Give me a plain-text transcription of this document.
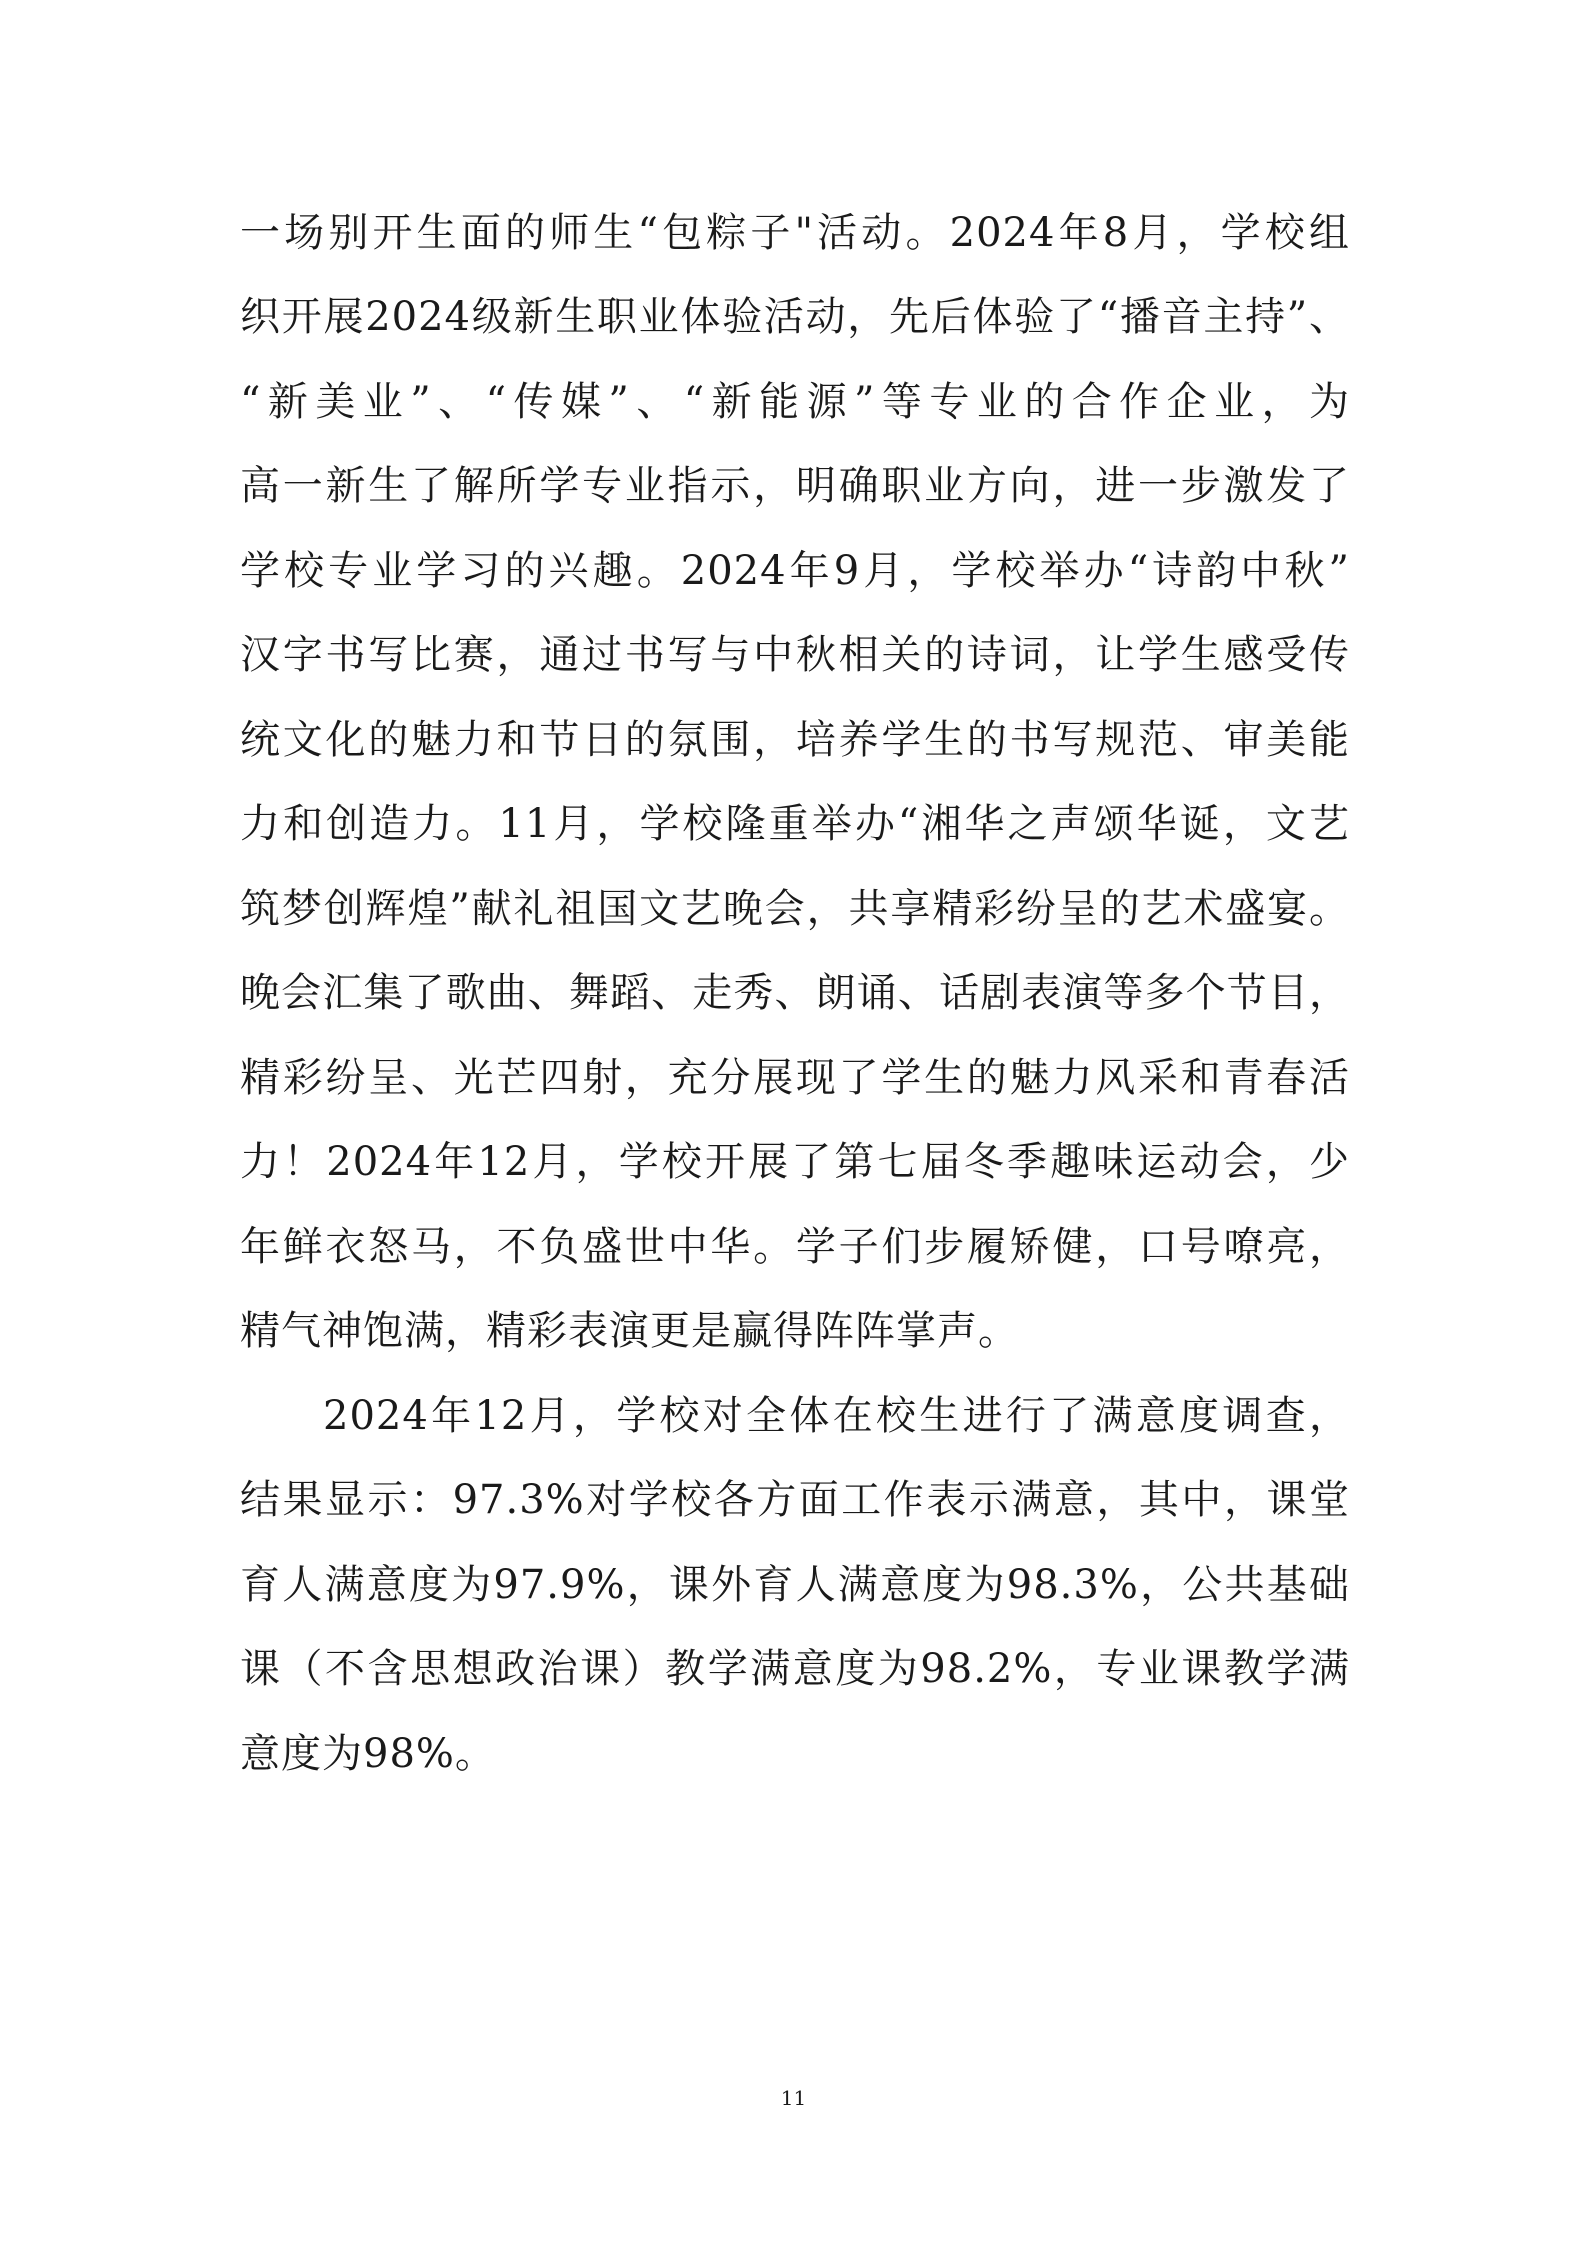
一场别开生面的师生“包粽子"活动。2024年8月，学校组
织开展2024级新生职业体验活动，先后体验了“播音主持”、
“新美业”、“传媒”、“新能源”等专业的合作企业，为
高一新生了解所学专业指示，明确职业方向，进一步激发了
学校专业学习的兴趣。2024年9月，学校举办“诗韵中秋”
汉字书写比赛，通过书写与中秋相关的诗词，让学生感受传
统文化的魅力和节日的氛围，培养学生的书写规范、审美能
力和创造力。11月，学校隆重举办“湘华之声颂华诞，文艺
筑梦创辉煌”献礼祖国文艺晚会，共享精彩纷呈的艺术盛宴。
晚会汇集了歌曲、舞蹈、走秀、朗诵、话剧表演等多个节目，
精彩纷呈、光芒四射，充分展现了学生的魅力风采和青春活
力！2024年12月，学校开展了第七届冬季趣味运动会，少
年鲜衣怒马，不负盛世中华。学子们步履矫健，口号嘹亮，
精气神饱满，精彩表演更是赢得阵阵掌声。
2024年12月，学校对全体在校生进行了满意度调查，
结果显示：97.3%对学校各方面工作表示满意，其中，课堂
育人满意度为97.9%，课外育人满意度为98.3%，公共基础
课（不含思想政治课）教学满意度为98.2%，专业课教学满
意度为98%。
11
